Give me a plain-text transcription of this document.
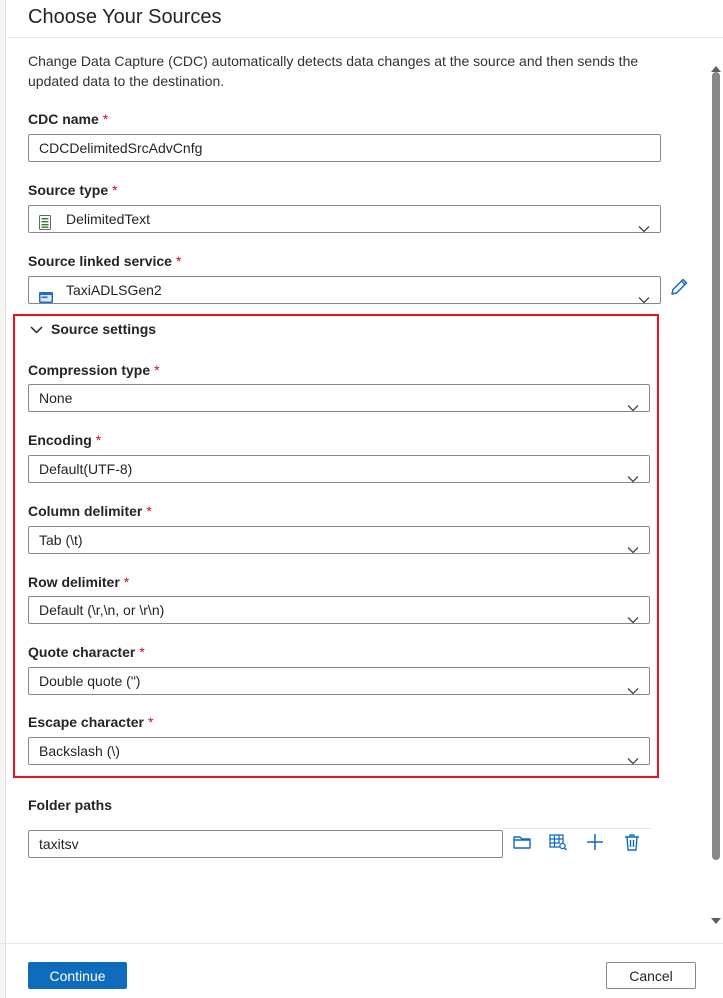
Choose Your Sources
Change Data Capture (CDC) automatically detects data changes at the source and then sends the updated data to the destination.
CDC name *
CDCDelimitedSrcAdvCnfg
Source type *
DelimitedText
Source linked service *
TaxiADLSGen2
Source settings
Compression type *
None
Encoding *
Default(UTF-8)
Column delimiter *
Tab (\t)
Row delimiter *
Default (\r,\n, or \r\n)
Quote character *
Double quote (")
Escape character *
Backslash (\)
Folder paths
taxitsv
Continue	Cancel
